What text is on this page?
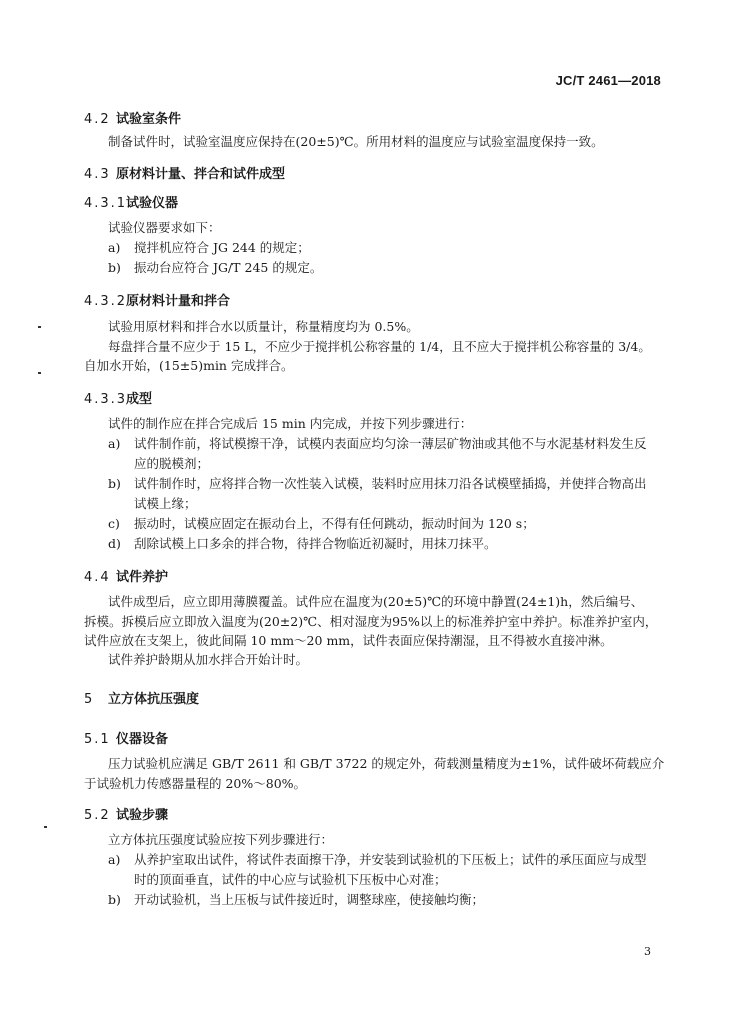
JC/T 2461—2018
4.2 试验室条件
制备试件时，试验室温度应保持在(20±5)℃。所用材料的温度应与试验室温度保持一致。
4.3 原材料计量、拌合和试件成型
4.3.1试验仪器
试验仪器要求如下：
a) 搅拌机应符合 JG 244 的规定；
b) 振动台应符合 JG/T 245 的规定。
4.3.2原材料计量和拌合
试验用原材料和拌合水以质量计，称量精度均为 0.5%。
每盘拌合量不应少于 15 L，不应少于搅拌机公称容量的 1/4，且不应大于搅拌机公称容量的 3/4。
自加水开始，(15±5)min 完成拌合。
4.3.3成型
试件的制作应在拌合完成后 15 min 内完成，并按下列步骤进行：
a) 试件制作前，将试模擦干净，试模内表面应均匀涂一薄层矿物油或其他不与水泥基材料发生反
应的脱模剂；
b) 试件制作时，应将拌合物一次性装入试模，装料时应用抹刀沿各试模壁插捣，并使拌合物高出
试模上缘；
c) 振动时，试模应固定在振动台上，不得有任何跳动，振动时间为 120 s；
d) 刮除试模上口多余的拌合物，待拌合物临近初凝时，用抹刀抹平。
4.4 试件养护
试件成型后，应立即用薄膜覆盖。试件应在温度为(20±5)℃的环境中静置(24±1)h，然后编号、
拆模。拆模后应立即放入温度为(20±2)℃、相对湿度为95%以上的标准养护室中养护。标准养护室内，
试件应放在支架上，彼此间隔 10 mm～20 mm，试件表面应保持潮湿，且不得被水直接冲淋。
试件养护龄期从加水拌合开始计时。
5 立方体抗压强度
5.1 仪器设备
压力试验机应满足 GB/T 2611 和 GB/T 3722 的规定外，荷载测量精度为±1%，试件破坏荷载应介
于试验机力传感器量程的 20%～80%。
5.2 试验步骤
立方体抗压强度试验应按下列步骤进行：
a) 从养护室取出试件，将试件表面擦干净，并安装到试验机的下压板上；试件的承压面应与成型
时的顶面垂直，试件的中心应与试验机下压板中心对准；
b) 开动试验机，当上压板与试件接近时，调整球座，使接触均衡；
3
